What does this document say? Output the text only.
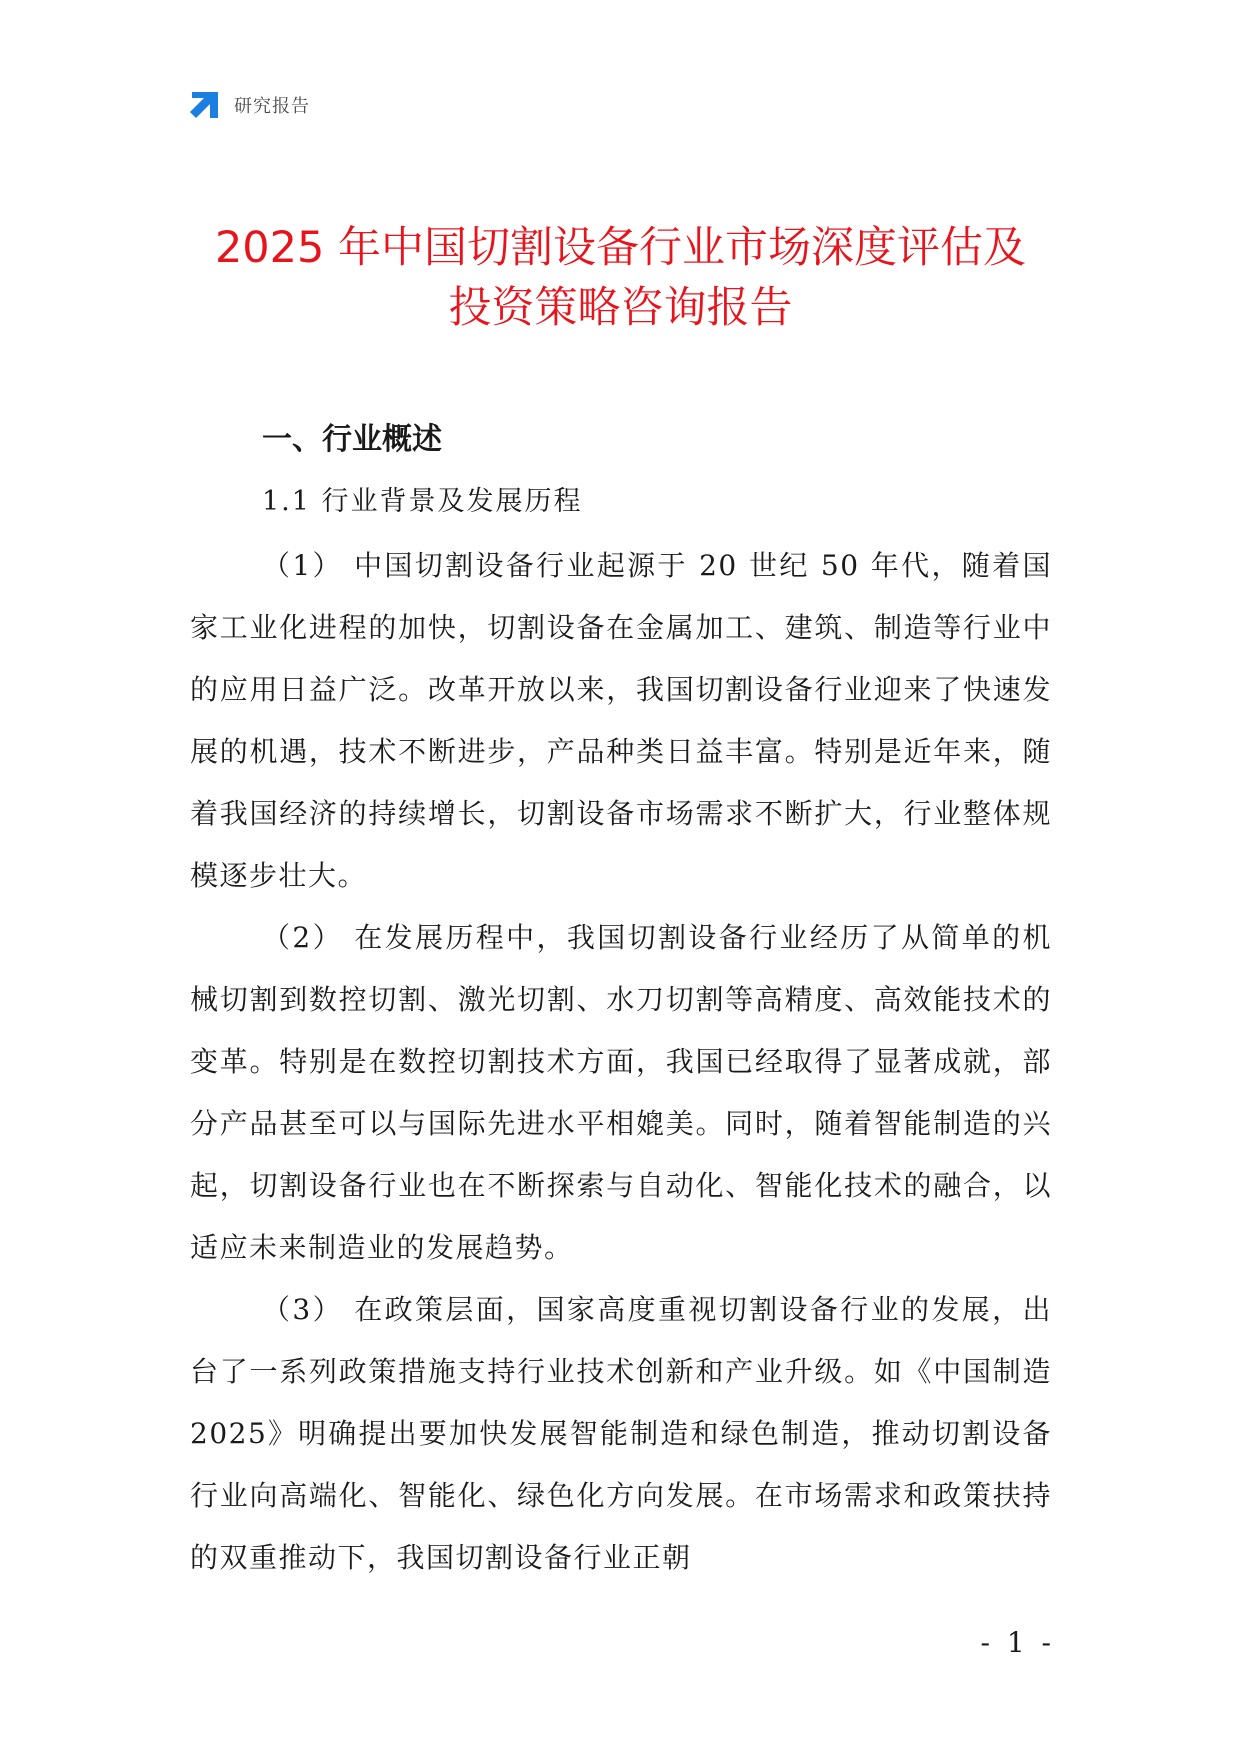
研究报告
2025 年中国切割设备行业市场深度评估及
投资策略咨询报告
一、行业概述
1.1 行业背景及发展历程

（1） 中国切割设备行业起源于 20 世纪 50 年代，随着国家工业化进程的加快，切割设备在金属加工、建筑、制造等行业中的应用日益广泛。改革开放以来，我国切割设备行业迎来了快速发展的机遇，技术不断进步，产品种类日益丰富。特别是近年来，随着我国经济的持续增长，切割设备市场需求不断扩大，行业整体规模逐步壮大。

（2） 在发展历程中，我国切割设备行业经历了从简单的机械切割到数控切割、激光切割、水刀切割等高精度、高效能技术的变革。特别是在数控切割技术方面，我国已经取得了显著成就，部分产品甚至可以与国际先进水平相媲美。同时，随着智能制造的兴起，切割设备行业也在不断探索与自动化、智能化技术的融合，以适应未来制造业的发展趋势。

（3） 在政策层面，国家高度重视切割设备行业的发展，出台了一系列政策措施支持行业技术创新和产业升级。如《中国制造 2025》明确提出要加快发展智能制造和绿色制造，推动切割设备行业向高端化、智能化、绿色化方向发展。在市场需求和政策扶持的双重推动下，我国切割设备行业正朝

- 1 -
